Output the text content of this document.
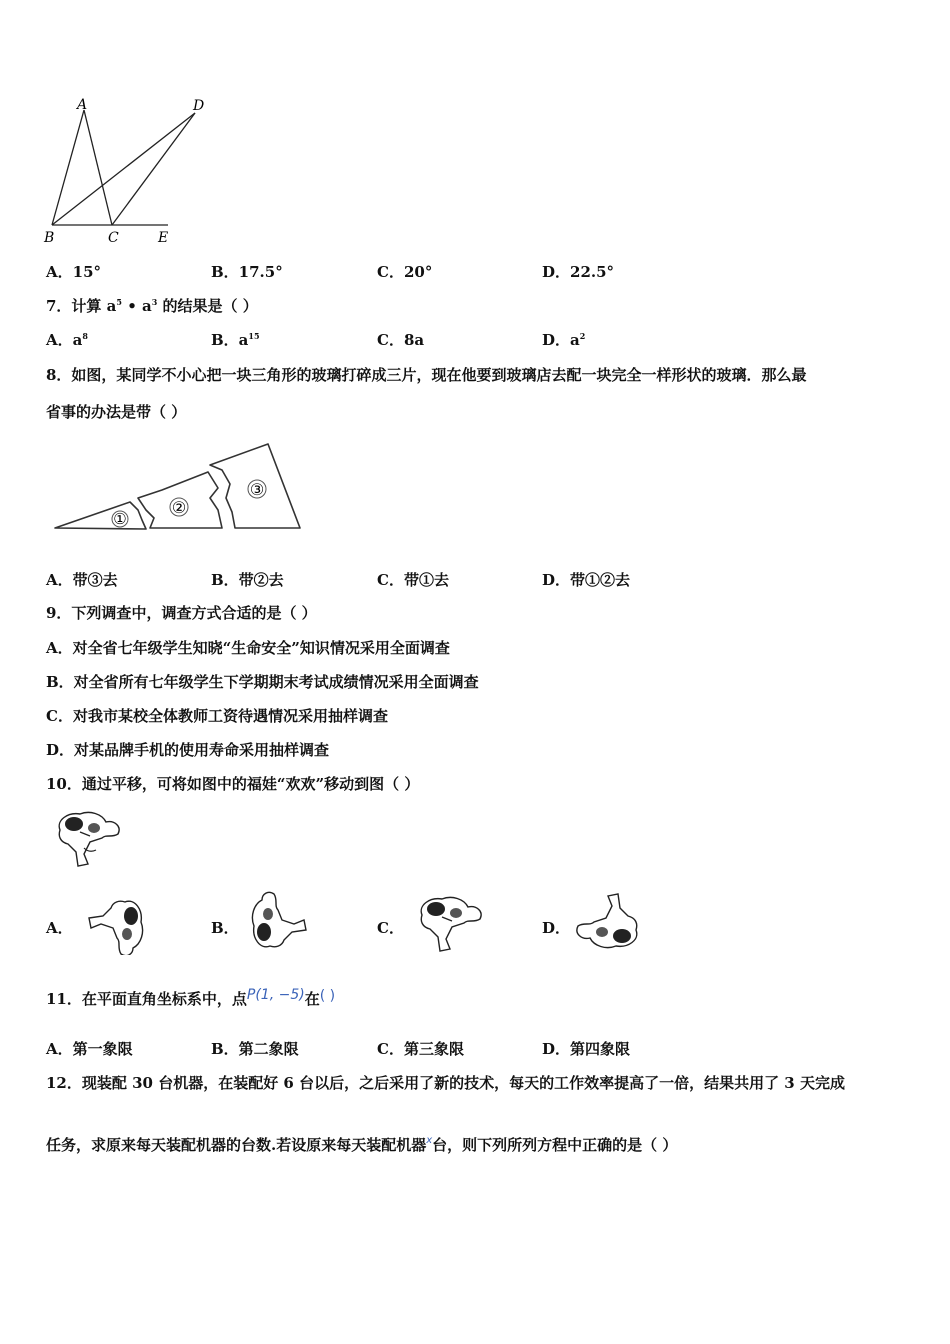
A	D
B	C	E
A．15°	B．17.5°	C．20°	D．22.5°
7．计算 $a^5$ • $a^3$ 的结果是（ ）
A．$a^8$	B．$a^{15}$	C．8a	D．$a^2$
8．如图，某同学不小心把一块三角形的玻璃打碎成三片，现在他要到玻璃店去配一块完全一样形状的玻璃．那么最
省事的办法是带（ ）
①
②
③
A．带③去	B．带②去	C．带①去	D．带①②去
9．下列调查中，调查方式合适的是（ ）
A．对全省七年级学生知晓“生命安全”知识情况采用全面调查
B．对全省所有七年级学生下学期期末考试成绩情况采用全面调查
C．对我市某校全体教师工资待遇情况采用抽样调查
D．对某品牌手机的使用寿命采用抽样调查
10．通过平移，可将如图中的福娃“欢欢”移动到图（ ）
A．	B．	C．	D．
11．在平面直角坐标系中，点P(1, −5)在( )
A．第一象限	B．第二象限	C．第三象限	D．第四象限
12．现装配 30 台机器，在装配好 6 台以后，之后采用了新的技术，每天的工作效率提高了一倍，结果共用了 3 天完成
任务，求原来每天装配机器的台数.若设原来每天装配机器$^x$台，则下列所列方程中正确的是（ ）
